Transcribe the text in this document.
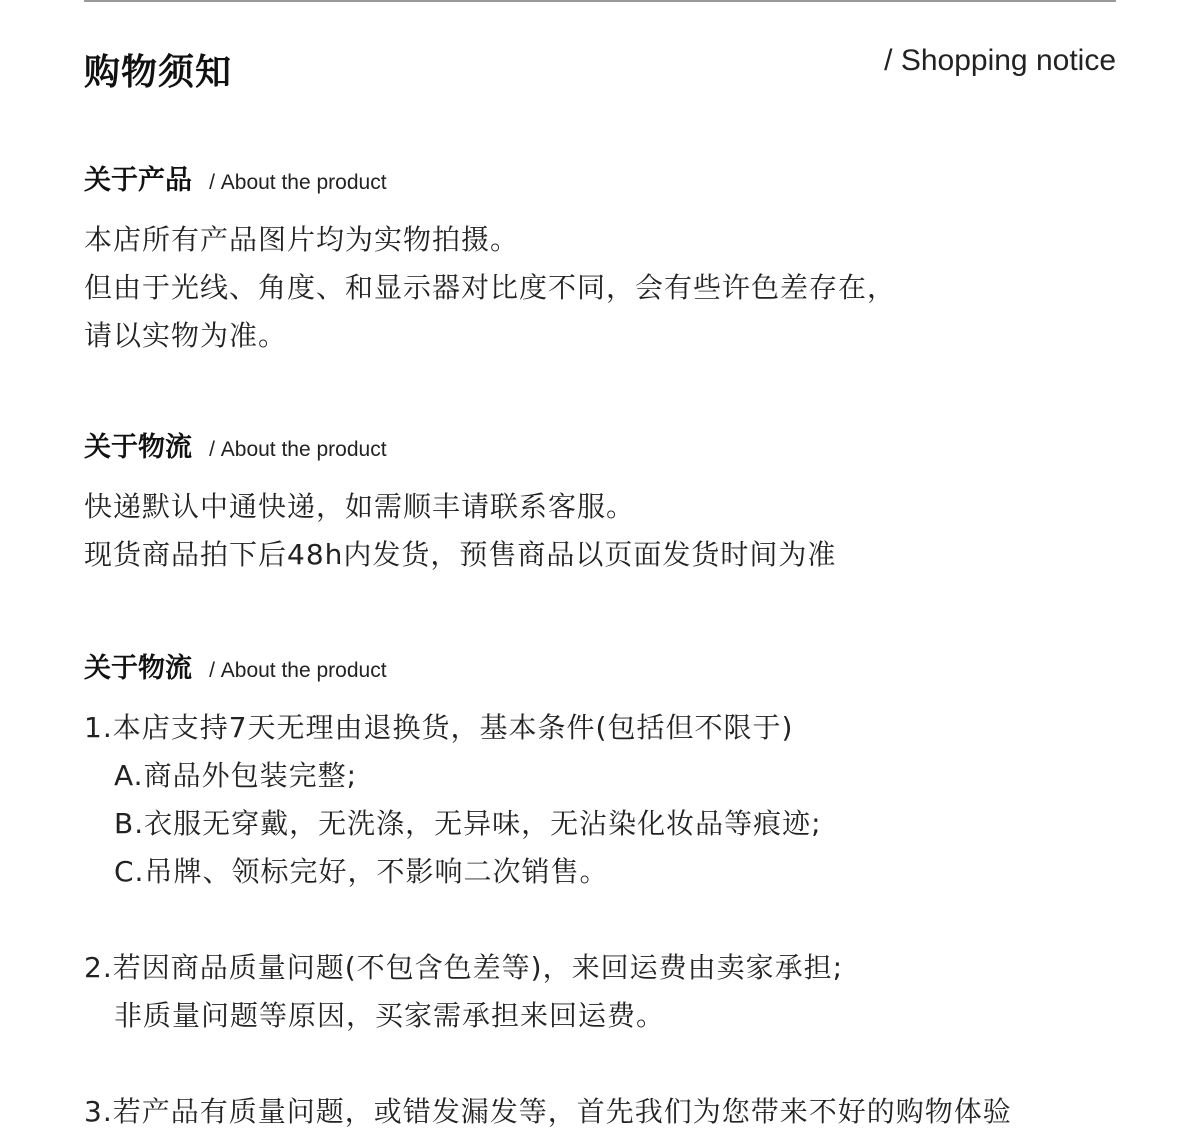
购物须知	/ Shopping notice
关于产品 / About the product
本店所有产品图片均为实物拍摄。
但由于光线、角度、和显示器对比度不同，会有些许色差存在，
请以实物为准。
关于物流 / About the product
快递默认中通快递，如需顺丰请联系客服。
现货商品拍下后48h内发货，预售商品以页面发货时间为准
关于物流 / About the product
1.本店支持7天无理由退换货，基本条件(包括但不限于)
A.商品外包装完整;
B.衣服无穿戴，无洗涤，无异味，无沾染化妆品等痕迹;
C.吊牌、领标完好，不影响二次销售。
2.若因商品质量问题(不包含色差等)，来回运费由卖家承担;
非质量问题等原因，买家需承担来回运费。
3.若产品有质量问题，或错发漏发等，首先我们为您带来不好的购物体验
